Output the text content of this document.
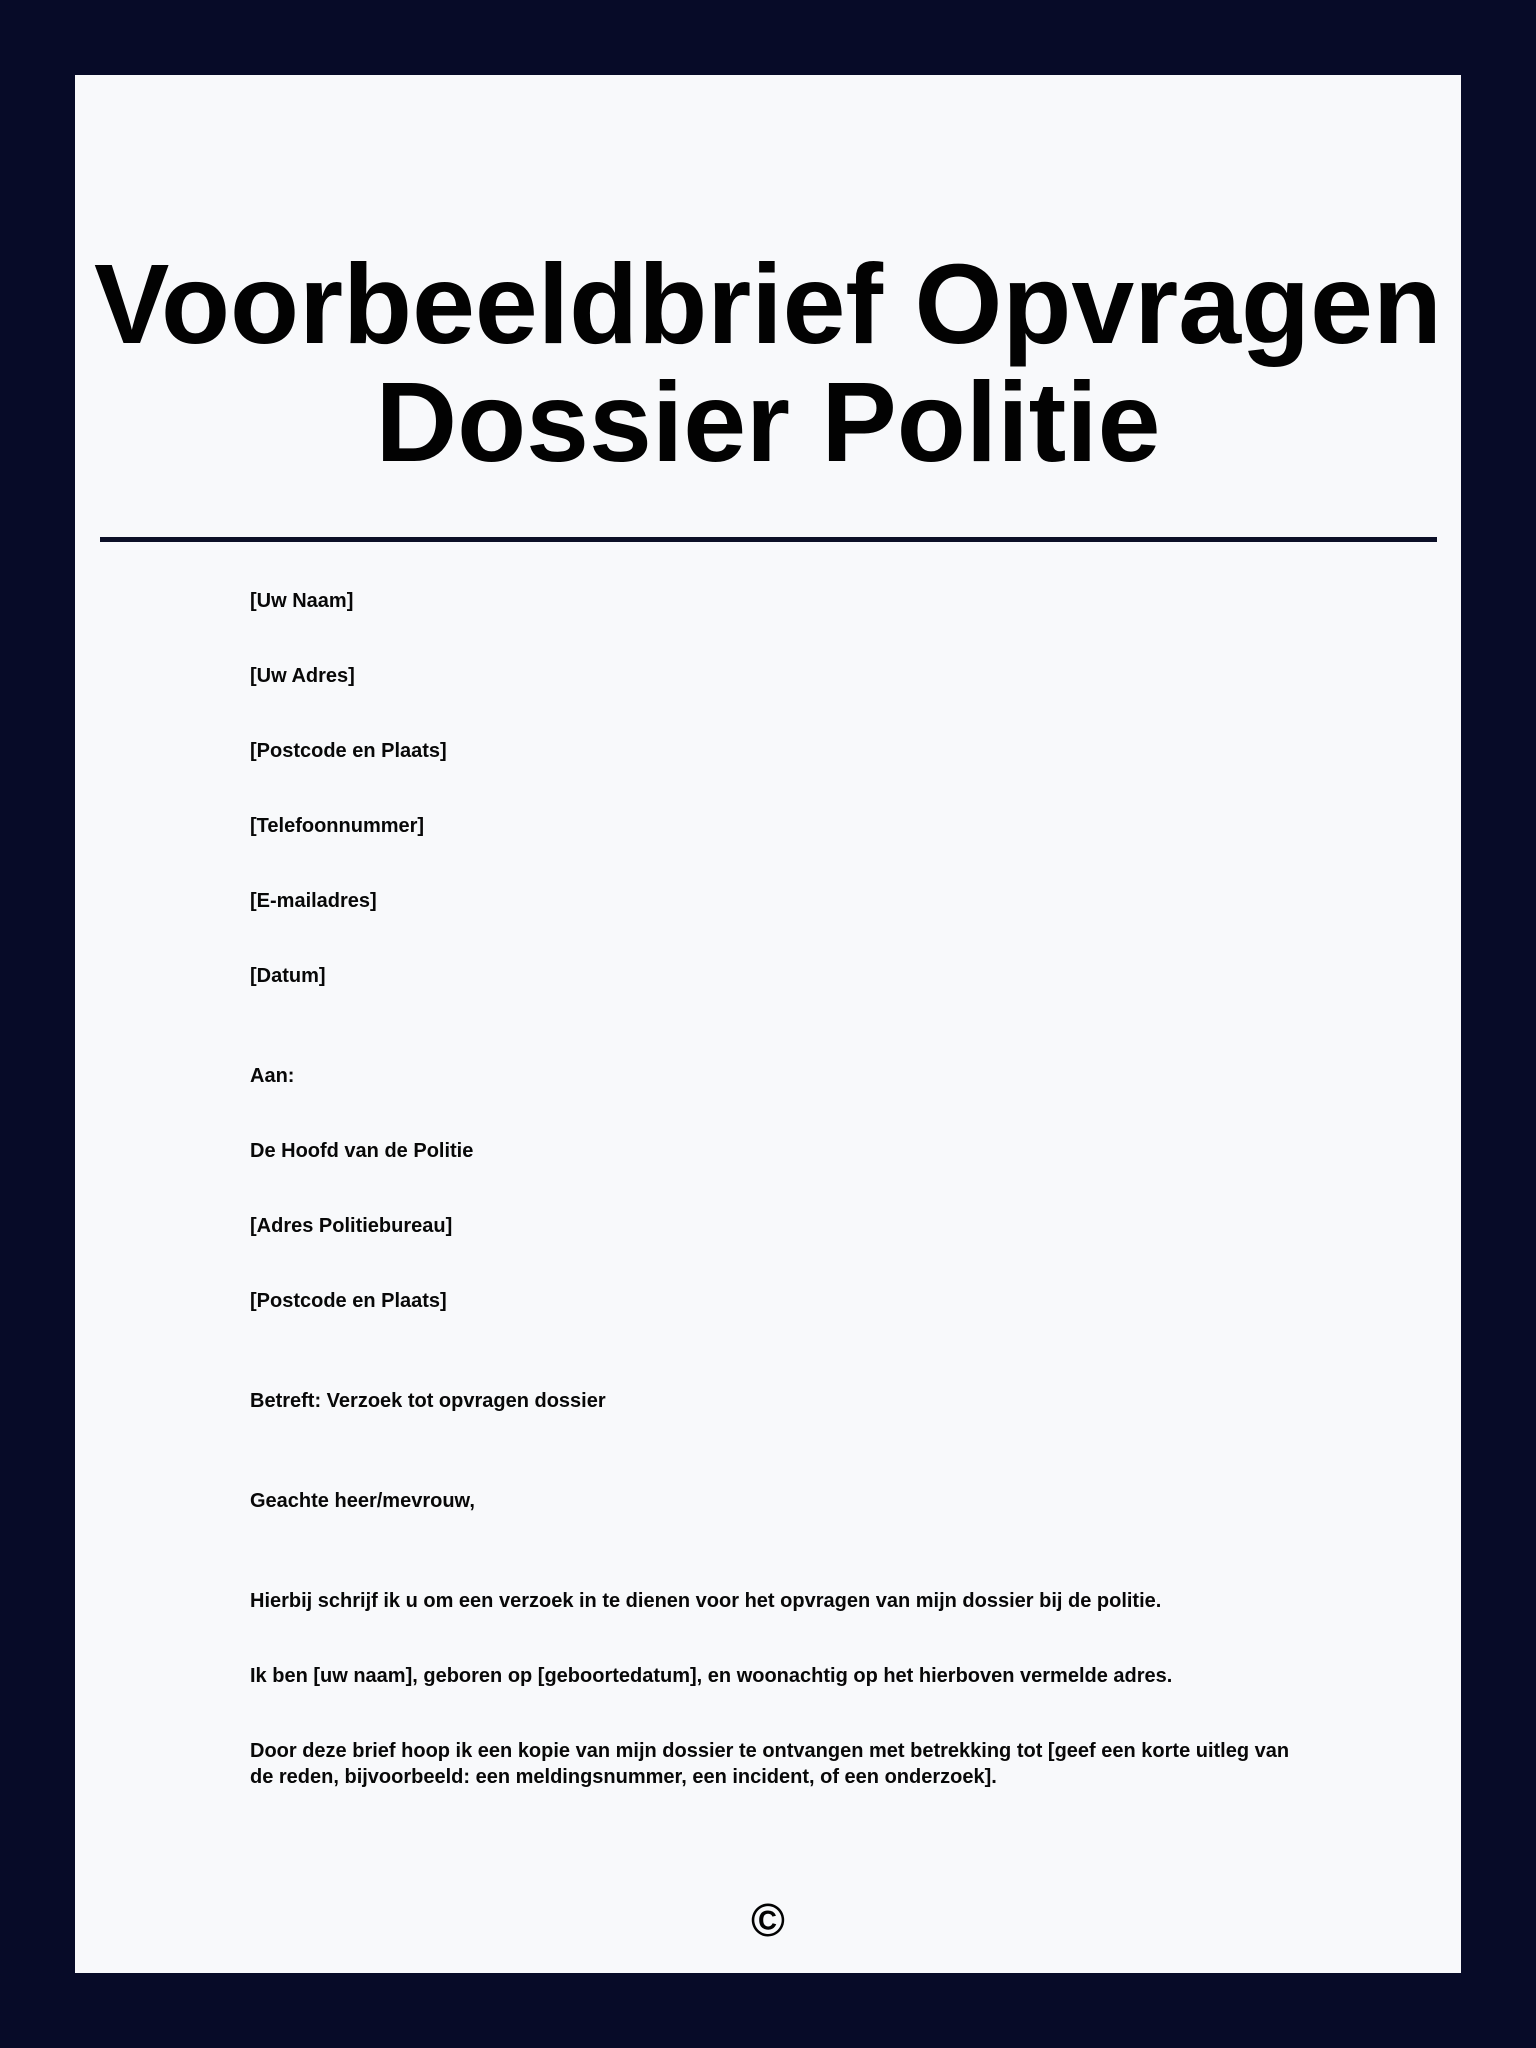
Voorbeeldbrief Opvragen
Dossier Politie

[Uw Naam]

[Uw Adres]

[Postcode en Plaats]

[Telefoonnummer]

[E-mailadres]

[Datum]

Aan:

De Hoofd van de Politie

[Adres Politiebureau]

[Postcode en Plaats]

Betreft: Verzoek tot opvragen dossier

Geachte heer/mevrouw,

Hierbij schrijf ik u om een verzoek in te dienen voor het opvragen van mijn dossier bij de politie.

Ik ben [uw naam], geboren op [geboortedatum], en woonachtig op het hierboven vermelde adres.

Door deze brief hoop ik een kopie van mijn dossier te ontvangen met betrekking tot [geef een korte uitleg van de reden, bijvoorbeeld: een meldingsnummer, een incident, of een onderzoek].

©
